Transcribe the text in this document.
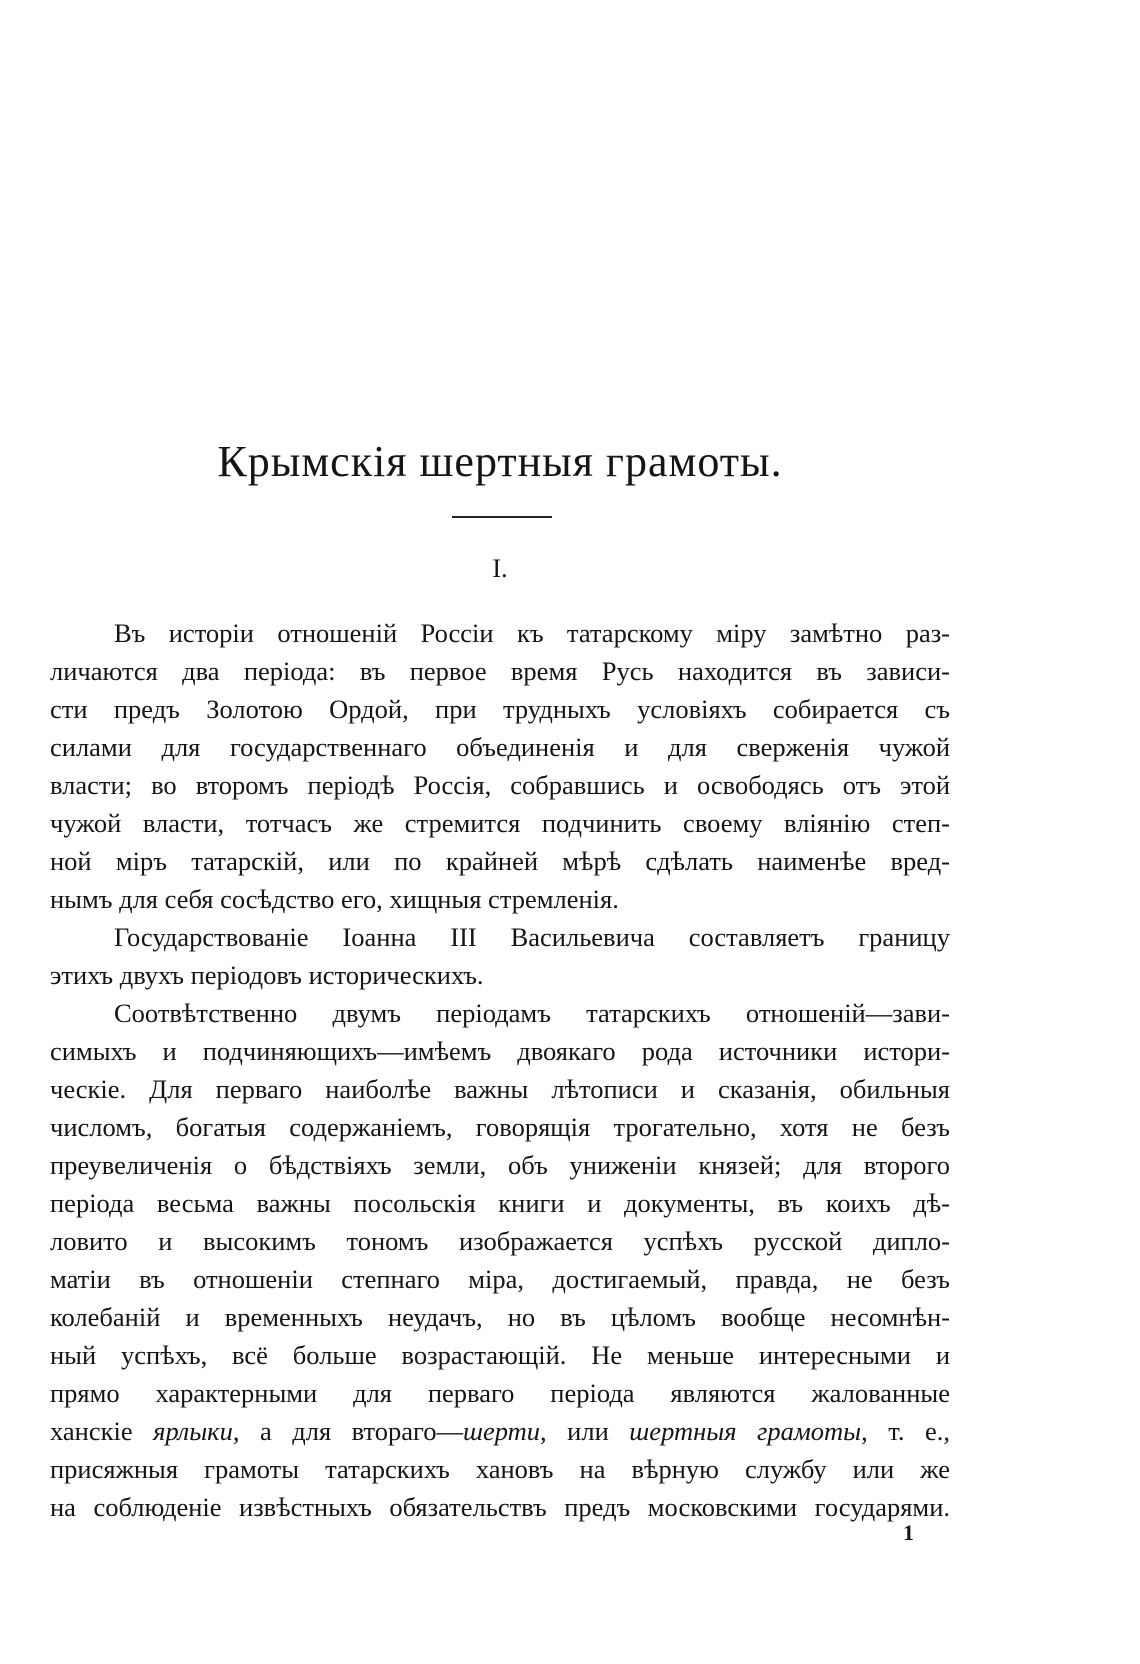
Крымскія шертныя грамоты.
I.
Въ исторіи отношеній Россіи къ татарскому міру замѣтно раз-
личаются два періода: въ первое время Русь находится въ зависи-
сти предъ Золотою Ордой, при трудныхъ условіяхъ собирается съ
силами для государственнаго объединенія и для сверженія чужой
власти; во второмъ періодѣ Россія, собравшись и освободясь отъ этой
чужой власти, тотчасъ же стремится подчинить своему вліянію степ-
ной міръ татарскій, или по крайней мѣрѣ сдѣлать наименѣе вред-
нымъ для себя сосѣдство его, хищныя стремленія.
Государствованіе Іоанна III Васильевича составляетъ границу
этихъ двухъ періодовъ историческихъ.
Соотвѣтственно двумъ періодамъ татарскихъ отношеній—зави-
симыхъ и подчиняющихъ—имѣемъ двоякаго рода источники истори-
ческіе. Для перваго наиболѣе важны лѣтописи и сказанія, обильныя
числомъ, богатыя содержаніемъ, говорящія трогательно, хотя не безъ
преувеличенія о бѣдствіяхъ земли, объ униженіи князей; для второго
періода весьма важны посольскія книги и документы, въ коихъ дѣ-
ловито и высокимъ тономъ изображается успѣхъ русской дипло-
матіи въ отношеніи степнаго міра, достигаемый, правда, не безъ
колебаній и временныхъ неудачъ, но въ цѣломъ вообще несомнѣн-
ный успѣхъ, всё больше возрастающій. Не меньше интересными и
прямо характерными для перваго періода являются жалованные
ханскіе ярлыки, а для втораго—шерти, или шертныя грамоты, т. е.,
присяжныя грамоты татарскихъ хановъ на вѣрную службу или же
на соблюденіе извѣстныхъ обязательствъ предъ московскими государями.
1
